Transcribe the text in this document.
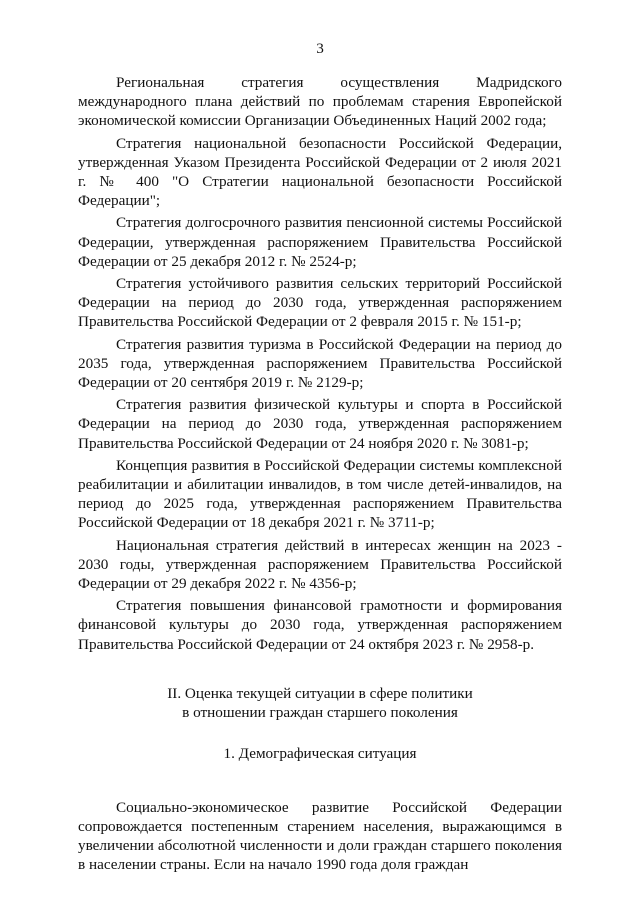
3

Региональная стратегия осуществления Мадридского международного плана действий по проблемам старения Европейской экономической комиссии Организации Объединенных Наций 2002 года;

Стратегия национальной безопасности Российской Федерации, утвержденная Указом Президента Российской Федерации от 2 июля 2021 г. № 400 "О Стратегии национальной безопасности Российской Федерации";

Стратегия долгосрочного развития пенсионной системы Российской Федерации, утвержденная распоряжением Правительства Российской Федерации от 25 декабря 2012 г. № 2524-р;

Стратегия устойчивого развития сельских территорий Российской Федерации на период до 2030 года, утвержденная распоряжением Правительства Российской Федерации от 2 февраля 2015 г. № 151-р;

Стратегия развития туризма в Российской Федерации на период до 2035 года, утвержденная распоряжением Правительства Российской Федерации от 20 сентября 2019 г. № 2129-р;

Стратегия развития физической культуры и спорта в Российской Федерации на период до 2030 года, утвержденная распоряжением Правительства Российской Федерации от 24 ноября 2020 г. № 3081-р;

Концепция развития в Российской Федерации системы комплексной реабилитации и абилитации инвалидов, в том числе детей-инвалидов, на период до 2025 года, утвержденная распоряжением Правительства Российской Федерации от 18 декабря 2021 г. № 3711-р;

Национальная стратегия действий в интересах женщин на 2023 - 2030 годы, утвержденная распоряжением Правительства Российской Федерации от 29 декабря 2022 г. № 4356-р;

Стратегия повышения финансовой грамотности и формирования финансовой культуры до 2030 года, утвержденная распоряжением Правительства Российской Федерации от 24 октября 2023 г. № 2958-р.

II. Оценка текущей ситуации в сфере политики
в отношении граждан старшего поколения
1. Демографическая ситуация

Социально-экономическое развитие Российской Федерации сопровождается постепенным старением населения, выражающимся в увеличении абсолютной численности и доли граждан старшего поколения в населении страны. Если на начало 1990 года доля граждан
